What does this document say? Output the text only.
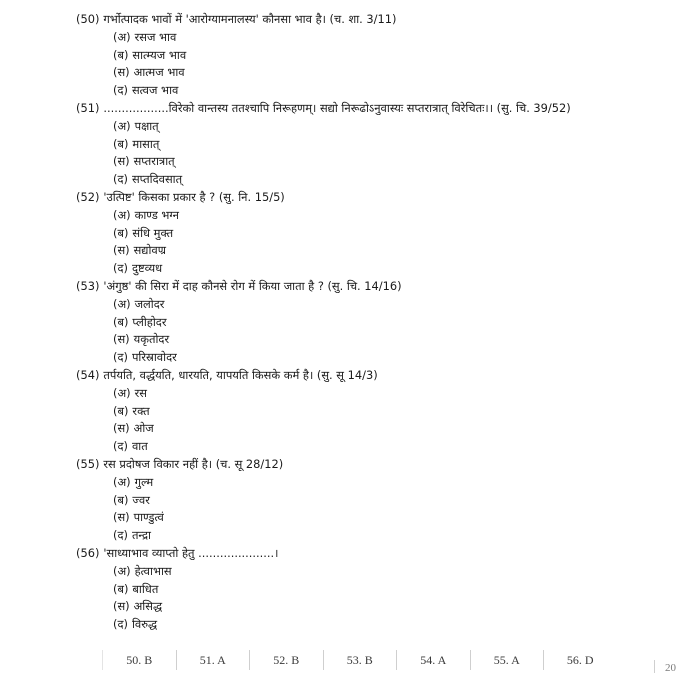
(50) गर्भोत्पादक भावों में 'आरोग्यामनालस्य' कौनसा भाव है। (च. शा. 3/11)
(अ) रसज भाव
(ब) सात्म्यज भाव
(स) आत्मज भाव
(द) सत्वज भाव
(51) ..................विरेको वान्तस्य ततश्चापि निरूहणम्। सद्यो निरूढोऽनुवास्यः सप्तरात्रात् विरेचितः।। (सु. चि. 39/52)
(अ) पक्षात्
(ब) मासात्
(स) सप्तरात्रात्
(द) सप्तदिवसात्
(52) 'उत्पिष्ट' किसका प्रकार है ? (सु. नि. 15/5)
(अ) काण्ड भग्न
(ब) संधि मुक्त
(स) सद्योवण्र
(द) दुष्टव्यध
(53) 'अंगुष्ठ' की सिरा में दाह कौनसे रोग में किया जाता है ? (सु. चि. 14/16)
(अ) जलोदर
(ब) प्लीहोदर
(स) यकृतोदर
(द) परिस्रावोदर
(54) तर्पयति, वर्द्धयति, धारयति, यापयति किसके कर्म है। (सु. सू 14/3)
(अ) रस
(ब) रक्त
(स) ओज
(द) वात
(55) रस प्रदोषज विकार नहीं है। (च. सू 28/12)
(अ) गुल्म
(ब) ज्वर
(स) पाण्डुत्वं
(द) तन्द्रा
(56) 'साध्याभाव व्याप्तो हेतु .....................।
(अ) हेत्वाभास
(ब) बाधित
(स) असिद्ध
(द) विरुद्ध
50. B	51. A	52. B	53. B	54. A	55. A	56. D
20
